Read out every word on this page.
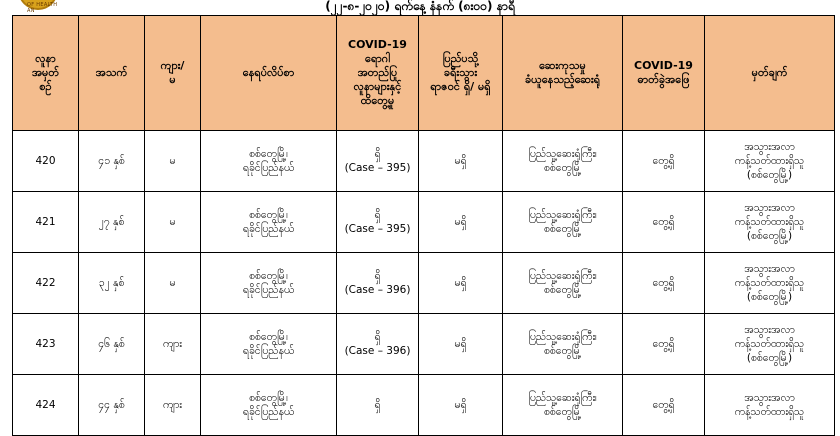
OF HEALTH AN	(၂၂-၈-၂၀၂၀) ရက်နေ့ နံနက် (၈း၀၀) နာရီ
လူနာ
အမှတ်
စဉ်	အသက်	ကျား/
မ	နေရပ်လိပ်စာ	COVID-19
ရောဂါ
အတည်ပြု
လူနာများနှင့်
ထိတွေ့မှု	ပြည်ပသို့
ခရီးသွား
ရာဇဝင် ရှိ/ မရှိ	ဆေးကုသမှု
ခံယူနေသည့်ဆေးရုံ	COVID-19
ဓာတ်ခွဲအဖြေ	မှတ်ချက်

420	၄၁ နှစ်	မ	စစ်တွေမြို့၊
ရခိုင်ပြည်နယ်	ရှိ
(Case – 395)	မရှိ	ပြည်သူ့ဆေးရုံကြီး၊
စစ်တွေမြို့	တွေ့ရှိ	အသွားအလာ
ကန့်သတ်ထားရှိသူ
(စစ်တွေမြို့)

421	၂၇ နှစ်	မ	စစ်တွေမြို့၊
ရခိုင်ပြည်နယ်	ရှိ
(Case – 395)	မရှိ	ပြည်သူ့ဆေးရုံကြီး၊
စစ်တွေမြို့	တွေ့ရှိ	အသွားအလာ
ကန့်သတ်ထားရှိသူ
(စစ်တွေမြို့)

422	၃၂ နှစ်	မ	စစ်တွေမြို့၊
ရခိုင်ပြည်နယ်	ရှိ
(Case – 396)	မရှိ	ပြည်သူ့ဆေးရုံကြီး၊
စစ်တွေမြို့	တွေ့ရှိ	အသွားအလာ
ကန့်သတ်ထားရှိသူ
(စစ်တွေမြို့)

423	၄၆ နှစ်	ကျား	စစ်တွေမြို့၊
ရခိုင်ပြည်နယ်	ရှိ
(Case – 396)	မရှိ	ပြည်သူ့ဆေးရုံကြီး၊
စစ်တွေမြို့	တွေ့ရှိ	အသွားအလာ
ကန့်သတ်ထားရှိသူ
(စစ်တွေမြို့)

424	၄၄ နှစ်	ကျား	စစ်တွေမြို့၊
ရခိုင်ပြည်နယ်	ရှိ	မရှိ	ပြည်သူ့ဆေးရုံကြီး၊
စစ်တွေမြို့	တွေ့ရှိ	အသွားအလာ
ကန့်သတ်ထားရှိသူ
